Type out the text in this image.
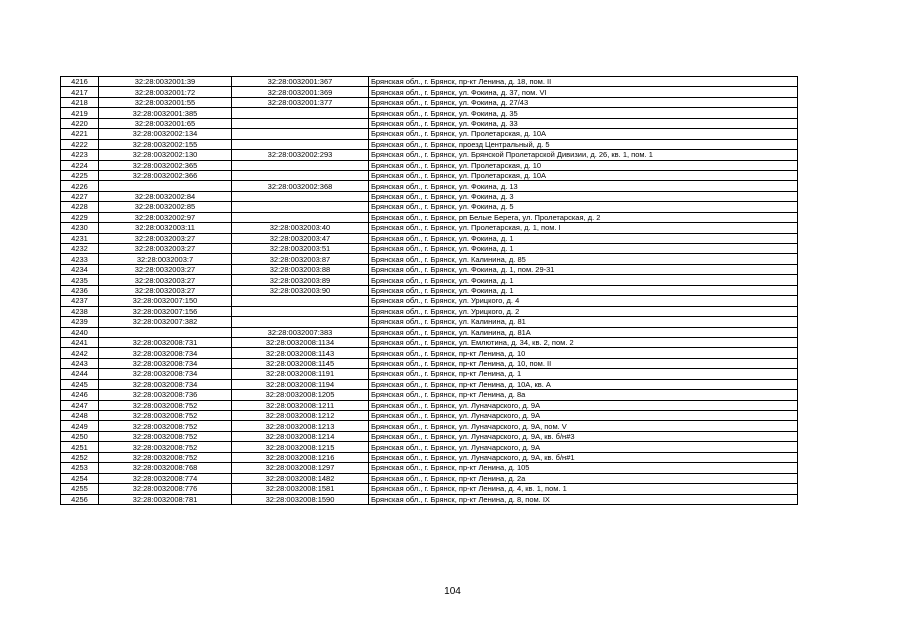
4216	32:28:0032001:39	32:28:0032001:367	Брянская обл., г. Брянск, пр-кт Ленина, д. 18, пом. II
4217	32:28:0032001:72	32:28:0032001:369	Брянская обл., г. Брянск, ул. Фокина, д. 37, пом. VI
4218	32:28:0032001:55	32:28:0032001:377	Брянская обл., г. Брянск, ул. Фокина, д. 27/43
4219	32:28:0032001:385		Брянская обл., г. Брянск, ул. Фокина, д. 35
4220	32:28:0032001:65		Брянская обл., г. Брянск, ул. Фокина, д. 33
4221	32:28:0032002:134		Брянская обл., г. Брянск, ул. Пролетарская, д. 10А
4222	32:28:0032002:155		Брянская обл., г. Брянск, проезд Центральный, д. 5
4223	32:28:0032002:130	32:28:0032002:293	Брянская обл., г. Брянск, ул. Брянской Пролетарской Дивизии, д. 26, кв. 1, пом. 1
4224	32:28:0032002:365		Брянская обл., г. Брянск, ул. Пролетарская, д. 10
4225	32:28:0032002:366		Брянская обл., г. Брянск, ул. Пролетарская, д. 10А
4226		32:28:0032002:368	Брянская обл., г. Брянск, ул. Фокина, д. 13
4227	32:28:0032002:84		Брянская обл., г. Брянск, ул. Фокина, д. 3
4228	32:28:0032002:85		Брянская обл., г. Брянск, ул. Фокина, д. 5
4229	32:28:0032002:97		Брянская обл., г. Брянск, рп Белые Берега, ул. Пролетарская, д. 2
4230	32:28:0032003:11	32:28:0032003:40	Брянская обл., г. Брянск, ул. Пролетарская, д. 1, пом. I
4231	32:28:0032003:27	32:28:0032003:47	Брянская обл., г. Брянск, ул. Фокина, д. 1
4232	32:28:0032003:27	32:28:0032003:51	Брянская обл., г. Брянск, ул. Фокина, д. 1
4233	32:28:0032003:7	32:28:0032003:87	Брянская обл., г. Брянск, ул. Калинина, д. 85
4234	32:28:0032003:27	32:28:0032003:88	Брянская обл., г. Брянск, ул. Фокина, д. 1, пом. 29-31
4235	32:28:0032003:27	32:28:0032003:89	Брянская обл., г. Брянск, ул. Фокина, д. 1
4236	32:28:0032003:27	32:28:0032003:90	Брянская обл., г. Брянск, ул. Фокина, д. 1
4237	32:28:0032007:150		Брянская обл., г. Брянск, ул. Урицкого, д. 4
4238	32:28:0032007:156		Брянская обл., г. Брянск, ул. Урицкого, д. 2
4239	32:28:0032007:382		Брянская обл., г. Брянск, ул. Калинина, д. 81
4240		32:28:0032007:383	Брянская обл., г. Брянск, ул. Калинина, д. 81А
4241	32:28:0032008:731	32:28:0032008:1134	Брянская обл., г. Брянск, ул. Емлютина, д. 34, кв. 2, пом. 2
4242	32:28:0032008:734	32:28:0032008:1143	Брянская обл., г. Брянск, пр-кт Ленина, д. 10
4243	32:28:0032008:734	32:28:0032008:1145	Брянская обл., г. Брянск, пр-кт Ленина, д. 10, пом. II
4244	32:28:0032008:734	32:28:0032008:1191	Брянская обл., г. Брянск, пр-кт Ленина, д. 1
4245	32:28:0032008:734	32:28:0032008:1194	Брянская обл., г. Брянск, пр-кт Ленина, д. 10А, кв. А
4246	32:28:0032008:736	32:28:0032008:1205	Брянская обл., г. Брянск, пр-кт Ленина, д. 8а
4247	32:28:0032008:752	32:28:0032008:1211	Брянская обл., г. Брянск, ул. Луначарского, д. 9А
4248	32:28:0032008:752	32:28:0032008:1212	Брянская обл., г. Брянск, ул. Луначарского, д. 9А
4249	32:28:0032008:752	32:28:0032008:1213	Брянская обл., г. Брянск, ул. Луначарского, д. 9А, пом. V
4250	32:28:0032008:752	32:28:0032008:1214	Брянская обл., г. Брянск, ул. Луначарского, д. 9А, кв. б/н#3
4251	32:28:0032008:752	32:28:0032008:1215	Брянская обл., г. Брянск, ул. Луначарского, д. 9А
4252	32:28:0032008:752	32:28:0032008:1216	Брянская обл., г. Брянск, ул. Луначарского, д. 9А, кв. б/н#1
4253	32:28:0032008:768	32:28:0032008:1297	Брянская обл., г. Брянск, пр-кт Ленина, д. 105
4254	32:28:0032008:774	32:28:0032008:1482	Брянская обл., г. Брянск, пр-кт Ленина, д. 2а
4255	32:28:0032008:776	32:28:0032008:1581	Брянская обл., г. Брянск, пр-кт Ленина, д. 4, кв. 1, пом. 1
4256	32:28:0032008:781	32:28:0032008:1590	Брянская обл., г. Брянск, пр-кт Ленина, д. 8, пом. IX
104
